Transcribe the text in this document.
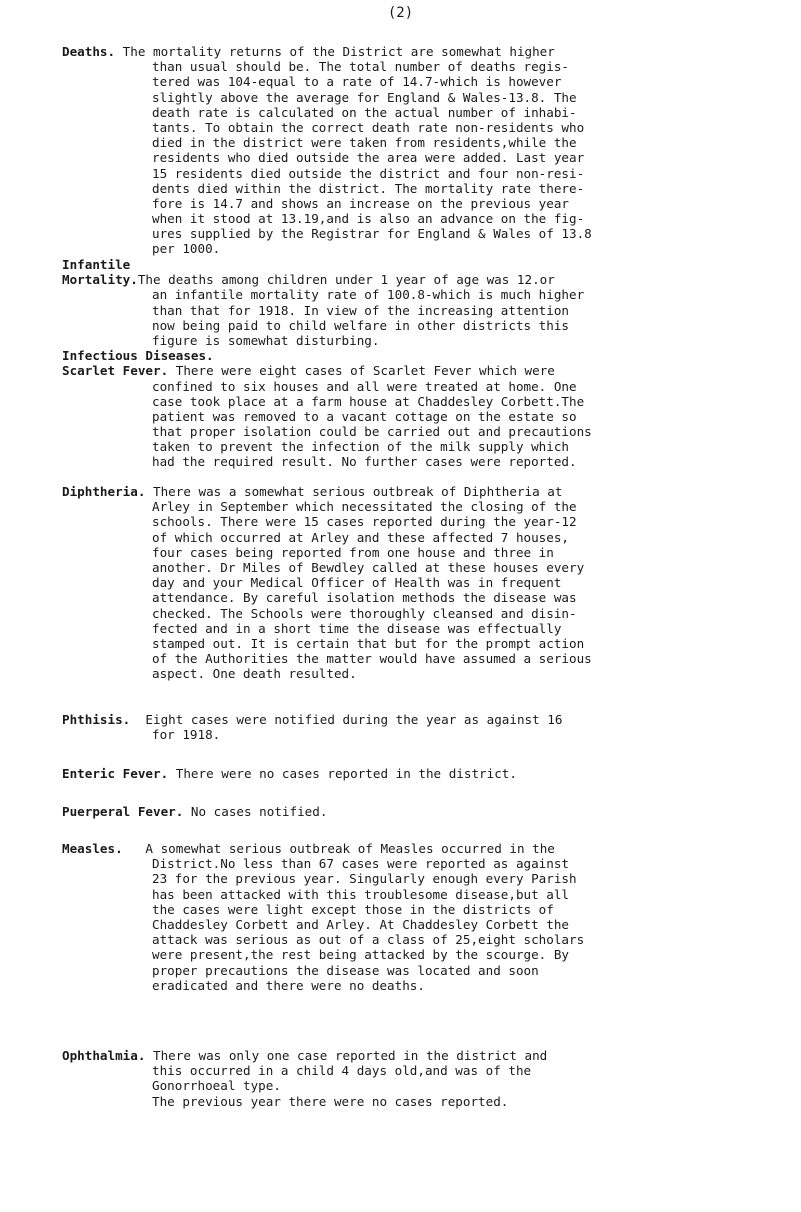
(2)
Deaths. The mortality returns of the District are somewhat higher
than usual should be. The total number of deaths regis-
tered was 104-equal to a rate of 14.7-which is however
slightly above the average for England & Wales-13.8. The
death rate is calculated on the actual number of inhabi-
tants. To obtain the correct death rate non-residents who
died in the district were taken from residents,while the
residents who died outside the area were added. Last year
15 residents died outside the district and four non-resi-
dents died within the district. The mortality rate there-
fore is 14.7 and shows an increase on the previous year
when it stood at 13.19,and is also an advance on the fig-
ures supplied by the Registrar for England & Wales of 13.8
per 1000.
Infantile
Mortality.The deaths among children under 1 year of age was 12.or
an infantile mortality rate of 100.8-which is much higher
than that for 1918. In view of the increasing attention
now being paid to child welfare in other districts this
figure is somewhat disturbing.
Infectious Diseases.
Scarlet Fever. There were eight cases of Scarlet Fever which were
confined to six houses and all were treated at home. One
case took place at a farm house at Chaddesley Corbett.The
patient was removed to a vacant cottage on the estate so
that proper isolation could be carried out and precautions
taken to prevent the infection of the milk supply which
had the required result. No further cases were reported.
Diphtheria. There was a somewhat serious outbreak of Diphtheria at
Arley in September which necessitated the closing of the
schools. There were 15 cases reported during the year-12
of which occurred at Arley and these affected 7 houses,
four cases being reported from one house and three in
another. Dr Miles of Bewdley called at these houses every
day and your Medical Officer of Health was in frequent
attendance. By careful isolation methods the disease was
checked. The Schools were thoroughly cleansed and disin-
fected and in a short time the disease was effectually
stamped out. It is certain that but for the prompt action
of the Authorities the matter would have assumed a serious
aspect. One death resulted.
Phthisis. Eight cases were notified during the year as against 16
for 1918.
Enteric Fever. There were no cases reported in the district.
Puerperal Fever. No cases notified.
Measles. A somewhat serious outbreak of Measles occurred in the
District.No less than 67 cases were reported as against
23 for the previous year. Singularly enough every Parish
has been attacked with this troublesome disease,but all
the cases were light except those in the districts of
Chaddesley Corbett and Arley. At Chaddesley Corbett the
attack was serious as out of a class of 25,eight scholars
were present,the rest being attacked by the scourge. By
proper precautions the disease was located and soon
eradicated and there were no deaths.
Ophthalmia. There was only one case reported in the district and
this occurred in a child 4 days old,and was of the
Gonorrhoeal type.
The previous year there were no cases reported.
